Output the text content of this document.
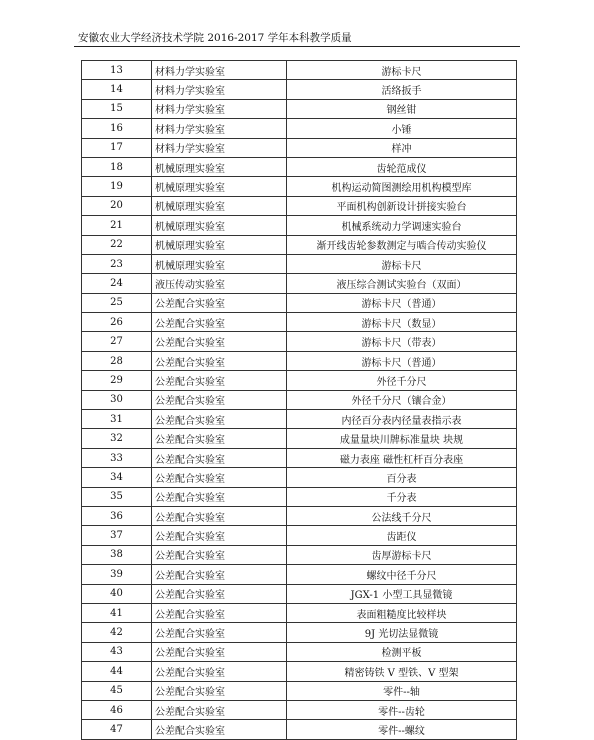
安徽农业大学经济技术学院 2016-2017 学年本科教学质量
13	材料力学实验室	游标卡尺
14	材料力学实验室	活络扳手
15	材料力学实验室	钢丝钳
16	材料力学实验室	小锤
17	材料力学实验室	样冲
18	机械原理实验室	齿轮范成仪
19	机械原理实验室	机构运动简图测绘用机构模型库
20	机械原理实验室	平面机构创新设计拼接实验台
21	机械原理实验室	机械系统动力学调速实验台
22	机械原理实验室	渐开线齿轮参数测定与啮合传动实验仪
23	机械原理实验室	游标卡尺
24	液压传动实验室	液压综合测试实验台（双面）
25	公差配合实验室	游标卡尺（普通）
26	公差配合实验室	游标卡尺（数显）
27	公差配合实验室	游标卡尺（带表）
28	公差配合实验室	游标卡尺（普通）
29	公差配合实验室	外径千分尺
30	公差配合实验室	外径千分尺（镶合金）
31	公差配合实验室	内径百分表内径量表指示表
32	公差配合实验室	成量量块川牌标准量块 块规
33	公差配合实验室	磁力表座 磁性杠杆百分表座
34	公差配合实验室	百分表
35	公差配合实验室	千分表
36	公差配合实验室	公法线千分尺
37	公差配合实验室	齿距仪
38	公差配合实验室	齿厚游标卡尺
39	公差配合实验室	螺纹中径千分尺
40	公差配合实验室	JGX-1 小型工具显微镜
41	公差配合实验室	表面粗糙度比较样块
42	公差配合实验室	9J 光切法显微镜
43	公差配合实验室	检测平板
44	公差配合实验室	精密铸铁 V 型铁、V 型架
45	公差配合实验室	零件--轴
46	公差配合实验室	零件--齿轮
47	公差配合实验室	零件--螺纹
